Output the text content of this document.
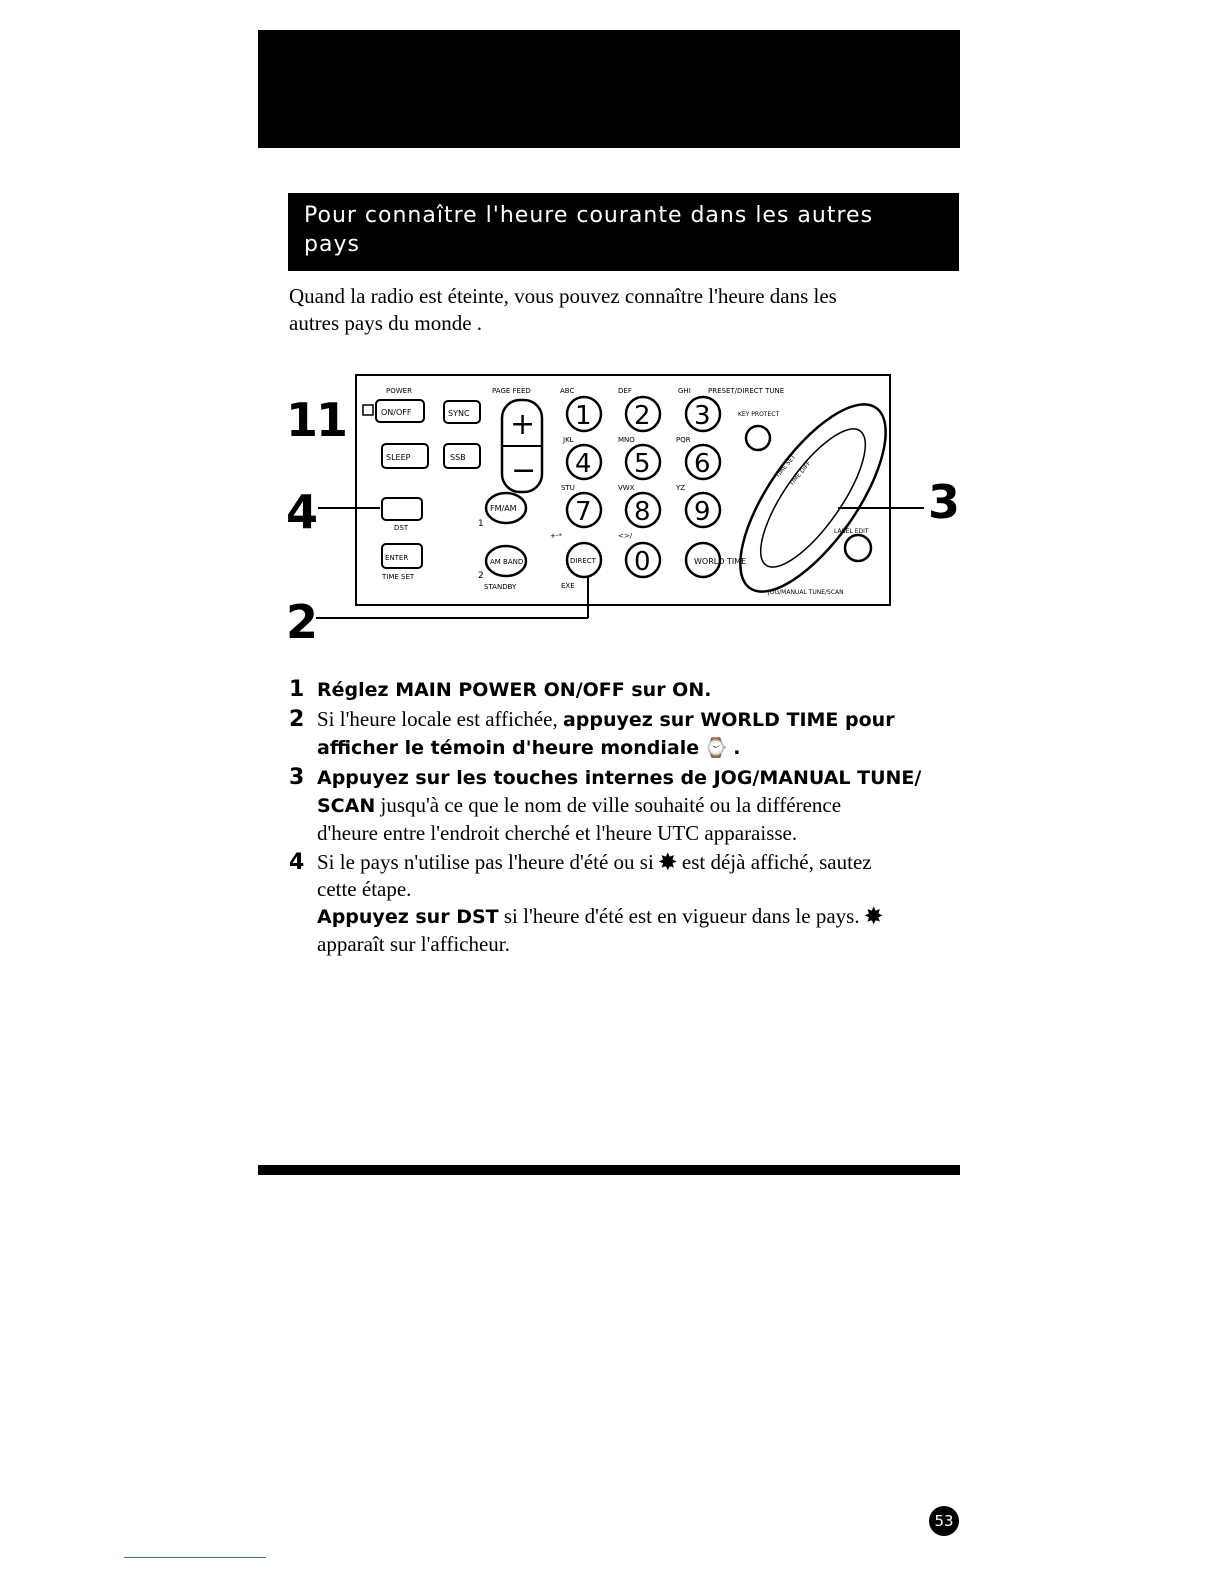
Pour connaître l'heure courante dans les autres
pays
Quand la radio est éteinte, vous pouvez connaître l'heure dans les
autres pays du monde .
1
1
4
2
3
POWER	PAGE FEED	ABC	DEF	GHI PRESET/DIRECT TUNE
KEY PROTECT
ON/OFF	SYNC
SLEEP	SSB
DST
ENTER
TIME SET
+
−
FM/AM
AM BAND
1
2
STANDBY
1 2 3
4 5 6
7 8 9
0
DIRECT	WORLD TIME
EXE
JKL	MNO	PQR
STU	VWX	YZ
+-*	<>/
LABEL EDIT
JOG/MANUAL TUNE/SCAN
TIME SET
TIME DIFF
1 Réglez MAIN POWER ON/OFF sur ON.
2 Si l'heure locale est affichée, appuyez sur WORLD TIME pour
afficher le témoin d'heure mondiale ⌚ .
3 Appuyez sur les touches internes de JOG/MANUAL TUNE/
SCAN jusqu'à ce que le nom de ville souhaité ou la différence
d'heure entre l'endroit cherché et l'heure UTC apparaisse.
4 Si le pays n'utilise pas l'heure d'été ou si ✸ est déjà affiché, sautez
cette étape.
Appuyez sur DST si l'heure d'été est en vigueur dans le pays. ✸
apparaît sur l'afficheur.
53
